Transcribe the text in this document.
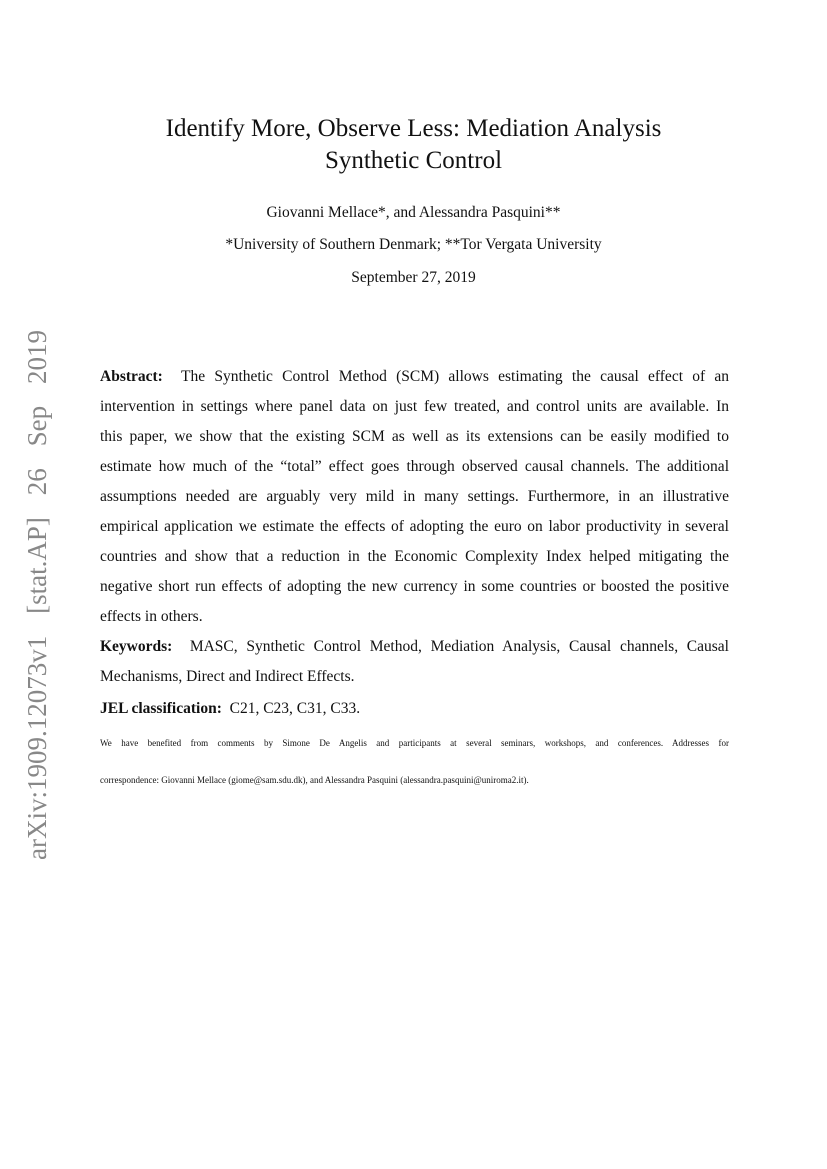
arXiv:1909.12073v1 [stat.AP] 26 Sep 2019
Identify More, Observe Less: Mediation Analysis
Synthetic Control
Giovanni Mellace*, and Alessandra Pasquini**
*University of Southern Denmark; **Tor Vergata University
September 27, 2019
Abstract: The Synthetic Control Method (SCM) allows estimating the causal effect of an
intervention in settings where panel data on just few treated, and control units are available. In
this paper, we show that the existing SCM as well as its extensions can be easily modified to
estimate how much of the “total” effect goes through observed causal channels. The additional
assumptions needed are arguably very mild in many settings. Furthermore, in an illustrative
empirical application we estimate the effects of adopting the euro on labor productivity in several
countries and show that a reduction in the Economic Complexity Index helped mitigating the
negative short run effects of adopting the new currency in some countries or boosted the positive
effects in others.
Keywords: MASC, Synthetic Control Method, Mediation Analysis, Causal channels, Causal
Mechanisms, Direct and Indirect Effects.
JEL classification: C21, C23, C31, C33.
We have benefited from comments by Simone De Angelis and participants at several seminars, workshops, and conferences. Addresses for
correspondence: Giovanni Mellace (giome@sam.sdu.dk), and Alessandra Pasquini (alessandra.pasquini@uniroma2.it).
